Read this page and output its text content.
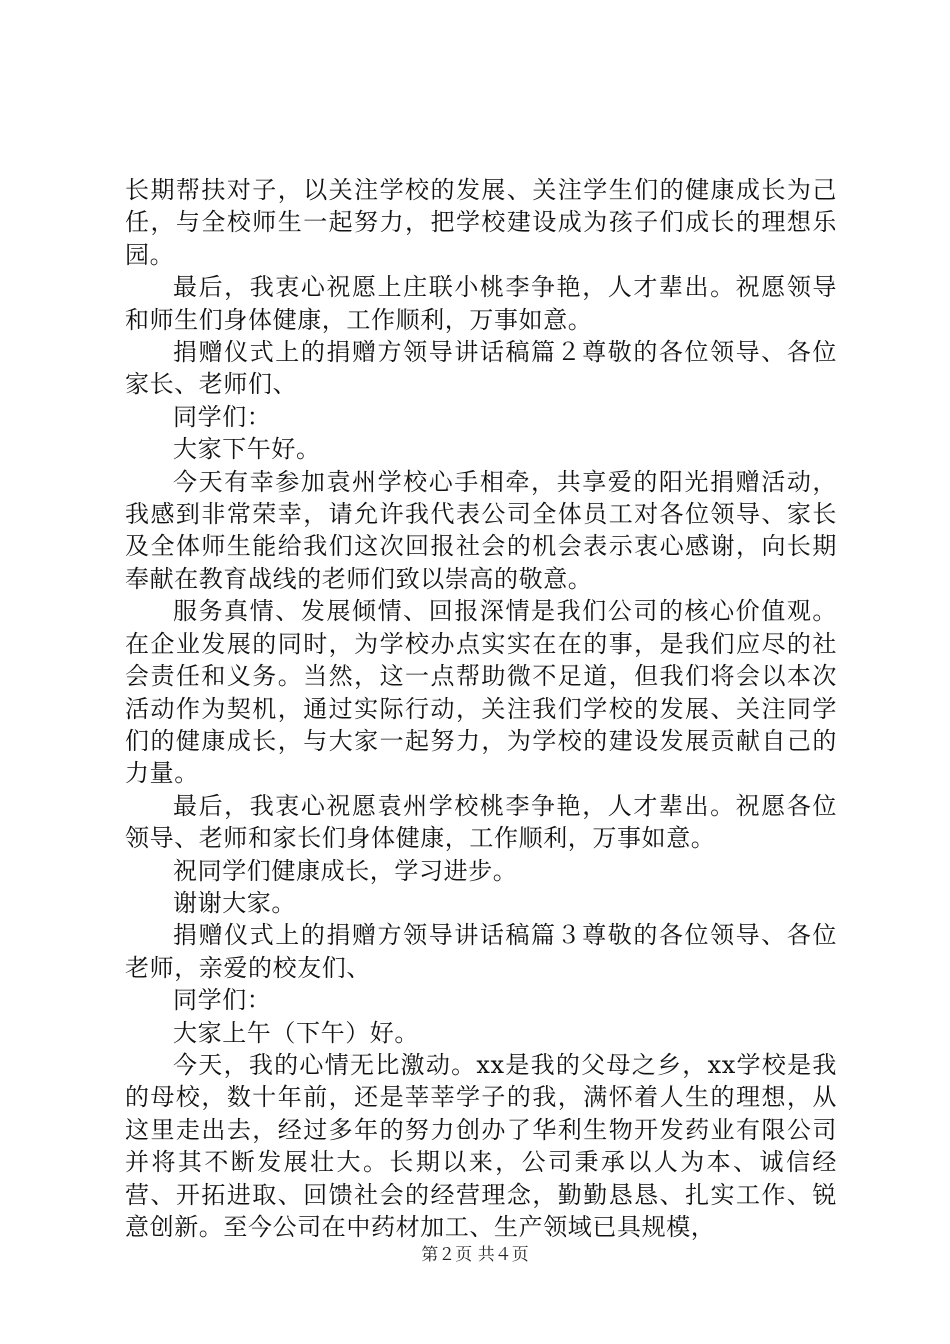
长期帮扶对子，以关注学校的发展、关注学生们的健康成长为己任，与全校师生一起努力，把学校建设成为孩子们成长的理想乐园。

最后，我衷心祝愿上庄联小桃李争艳，人才辈出。祝愿领导和师生们身体健康，工作顺利，万事如意。

捐赠仪式上的捐赠方领导讲话稿篇２尊敬的各位领导、各位家长、老师们、

同学们：

大家下午好。

今天有幸参加袁州学校心手相牵，共享爱的阳光捐赠活动，我感到非常荣幸，请允许我代表公司全体员工对各位领导、家长及全体师生能给我们这次回报社会的机会表示衷心感谢，向长期奉献在教育战线的老师们致以崇高的敬意。

服务真情、发展倾情、回报深情是我们公司的核心价值观。在企业发展的同时，为学校办点实实在在的事，是我们应尽的社会责任和义务。当然，这一点帮助微不足道，但我们将会以本次活动作为契机，通过实际行动，关注我们学校的发展、关注同学们的健康成长，与大家一起努力，为学校的建设发展贡献自己的力量。

最后，我衷心祝愿袁州学校桃李争艳，人才辈出。祝愿各位领导、老师和家长们身体健康，工作顺利，万事如意。

祝同学们健康成长，学习进步。

谢谢大家。

捐赠仪式上的捐赠方领导讲话稿篇３尊敬的各位领导、各位老师，亲爱的校友们、

同学们：

大家上午（下午）好。

今天，我的心情无比激动。xx是我的父母之乡，xx学校是我的母校，数十年前，还是莘莘学子的我，满怀着人生的理想，从这里走出去，经过多年的努力创办了华利生物开发药业有限公司并将其不断发展壮大。长期以来，公司秉承以人为本、诚信经营、开拓进取、回馈社会的经营理念，勤勤恳恳、扎实工作、锐意创新。至今公司在中药材加工、生产领域已具规模，

第２页 共４页
